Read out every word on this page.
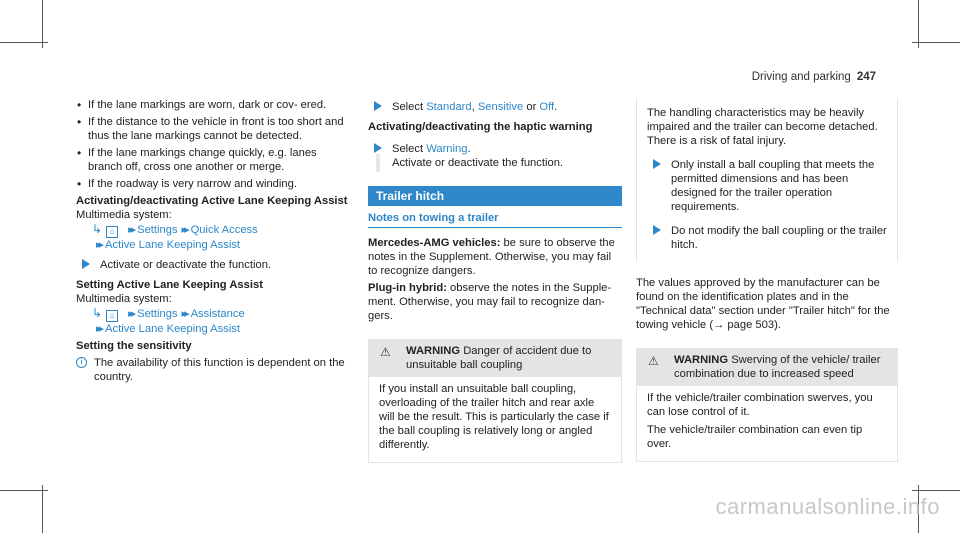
Driving and parking 247
• If the lane markings are worn, dark or cov‑ ered.
• If the distance to the vehicle in front is too short and thus the lane markings cannot be detected.
• If the lane markings change quickly, e.g. lanes branch off, cross one another or merge.
• If the roadway is very narrow and winding.
Activating/deactivating Active Lane Keeping Assist
Multimedia system:
↳ ⌂ ▸▸ Settings ▸▸ Quick Access
▸▸ Active Lane Keeping Assist
Activate or deactivate the function.
Setting Active Lane Keeping Assist
Multimedia system:
↳ ⌂ ▸▸ Settings ▸▸ Assistance
▸▸ Active Lane Keeping Assist
Setting the sensitivity
i	The availability of this function is dependent on the country.
Select Standard, Sensitive or Off.
Activating/deactivating the haptic warning
Select Warning.
Activate or deactivate the function.
Trailer hitch
Notes on towing a trailer

Mercedes‑AMG vehicles: be sure to observe the notes in the Supplement. Otherwise, you may fail to recognize dangers.

Plug‑in hybrid: observe the notes in the Supple‑ ment. Otherwise, you may fail to recognize dan‑ gers.

⚠ WARNING Danger of accident due to unsuitable ball coupling

If you install an unsuitable ball coupling, overloading of the trailer hitch and rear axle will be the result. This is particularly the case if the ball coupling is relatively long or angled differently.

The handling characteristics may be heavily impaired and the trailer can become detached. There is a risk of fatal injury.

Only install a ball coupling that meets the permitted dimensions and has been designed for the trailer operation requirements.
Do not modify the ball coupling or the trailer hitch.

The values approved by the manufacturer can be found on the identification plates and in the "Technical data" section under "Trailer hitch" for the towing vehicle (→ page 503).

⚠ WARNING Swerving of the vehicle/ trailer combination due to increased speed

If the vehicle/trailer combination swerves, you can lose control of it.

The vehicle/trailer combination can even tip over.

carmanualsonline.info
